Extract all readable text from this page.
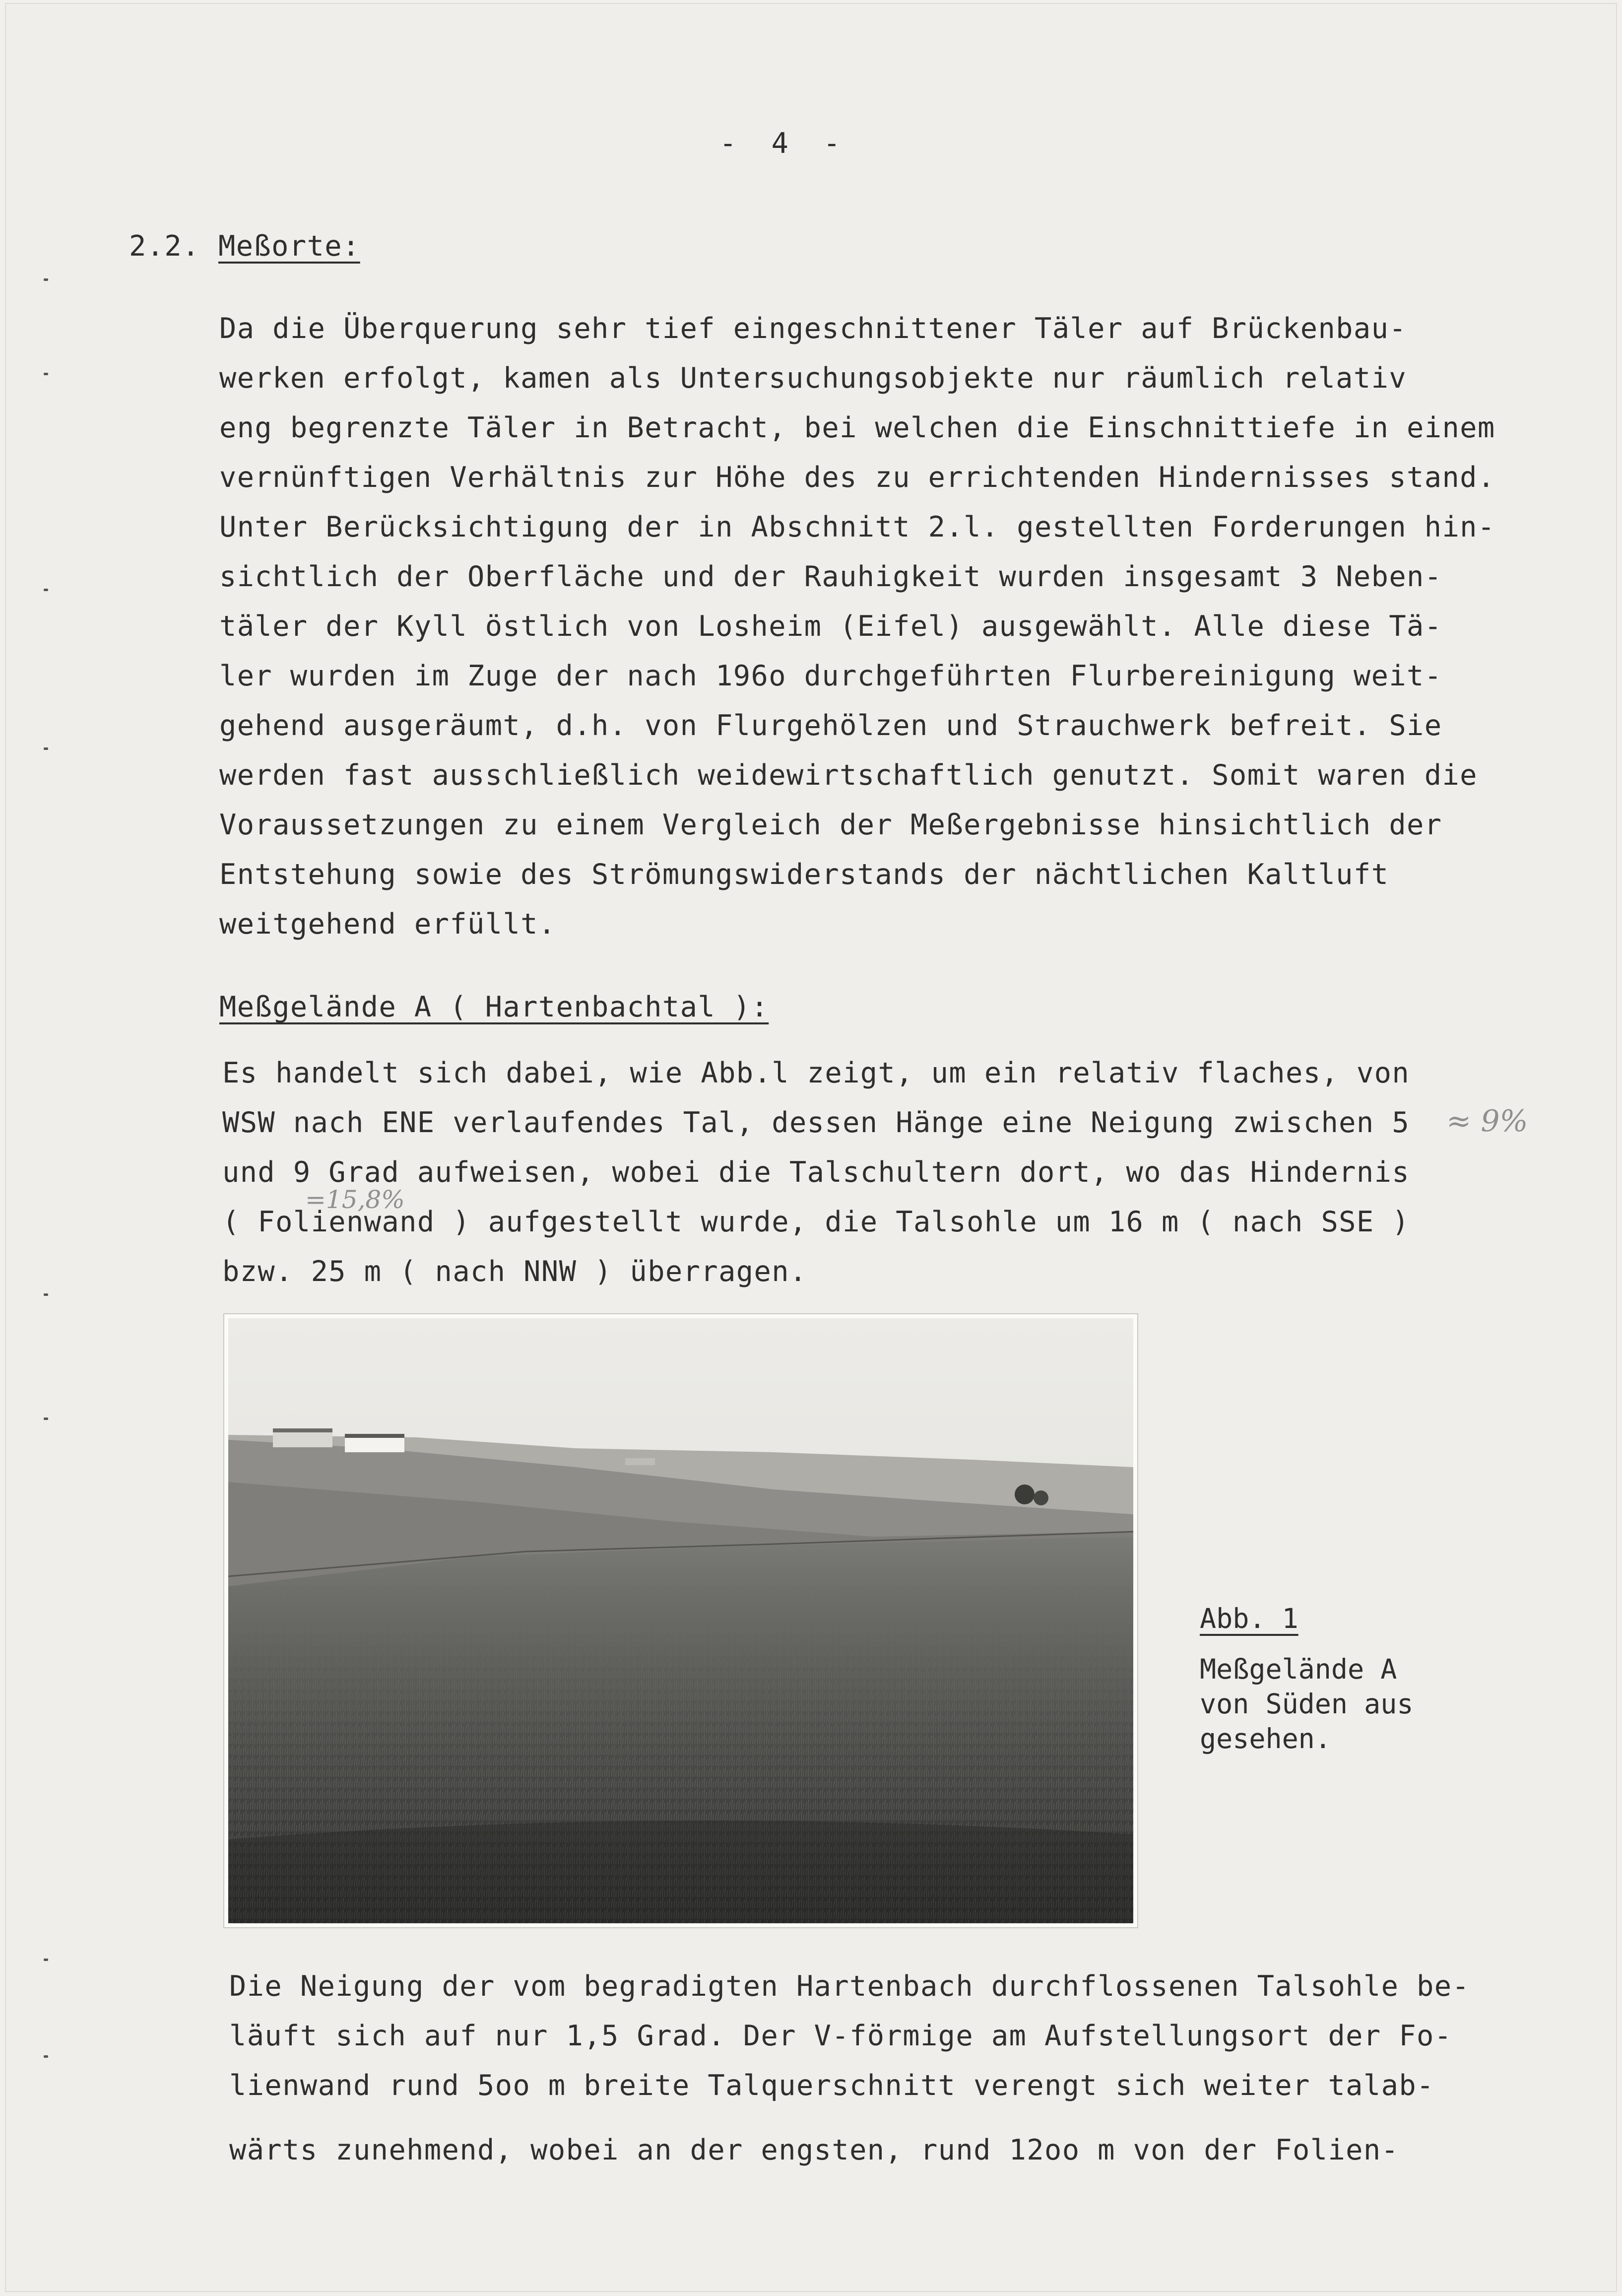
- 4 -
2.2. Meßorte:
Da die Überquerung sehr tief eingeschnittener Täler auf Brückenbau-
werken erfolgt, kamen als Untersuchungsobjekte nur räumlich relativ
eng begrenzte Täler in Betracht, bei welchen die Einschnittiefe in einem
vernünftigen Verhältnis zur Höhe des zu errichtenden Hindernisses stand.
Unter Berücksichtigung der in Abschnitt 2.l. gestellten Forderungen hin-
sichtlich der Oberfläche und der Rauhigkeit wurden insgesamt 3 Neben-
täler der Kyll östlich von Losheim (Eifel) ausgewählt. Alle diese Tä-
ler wurden im Zuge der nach 196o durchgeführten Flurbereinigung weit-
gehend ausgeräumt, d.h. von Flurgehölzen und Strauchwerk befreit. Sie
werden fast ausschließlich weidewirtschaftlich genutzt. Somit waren die
Voraussetzungen zu einem Vergleich der Meßergebnisse hinsichtlich der
Entstehung sowie des Strömungswiderstands der nächtlichen Kaltluft
weitgehend erfüllt.
Meßgelände A ( Hartenbachtal ):
Es handelt sich dabei, wie Abb.l zeigt, um ein relativ flaches, von
WSW nach ENE verlaufendes Tal, dessen Hänge eine Neigung zwischen 5
und 9 Grad aufweisen, wobei die Talschultern dort, wo das Hindernis
( Folienwand ) aufgestellt wurde, die Talsohle um 16 m ( nach SSE )
bzw. 25 m ( nach NNW ) überragen.
≈ 9%
=15,8%
Abb. 1
Meßgelände A
von Süden aus
gesehen.
Die Neigung der vom begradigten Hartenbach durchflossenen Talsohle be-
läuft sich auf nur 1,5 Grad. Der V-förmige am Aufstellungsort der Fo-
lienwand rund 5oo m breite Talquerschnitt verengt sich weiter talab-
wärts zunehmend, wobei an der engsten, rund 12oo m von der Folien-
